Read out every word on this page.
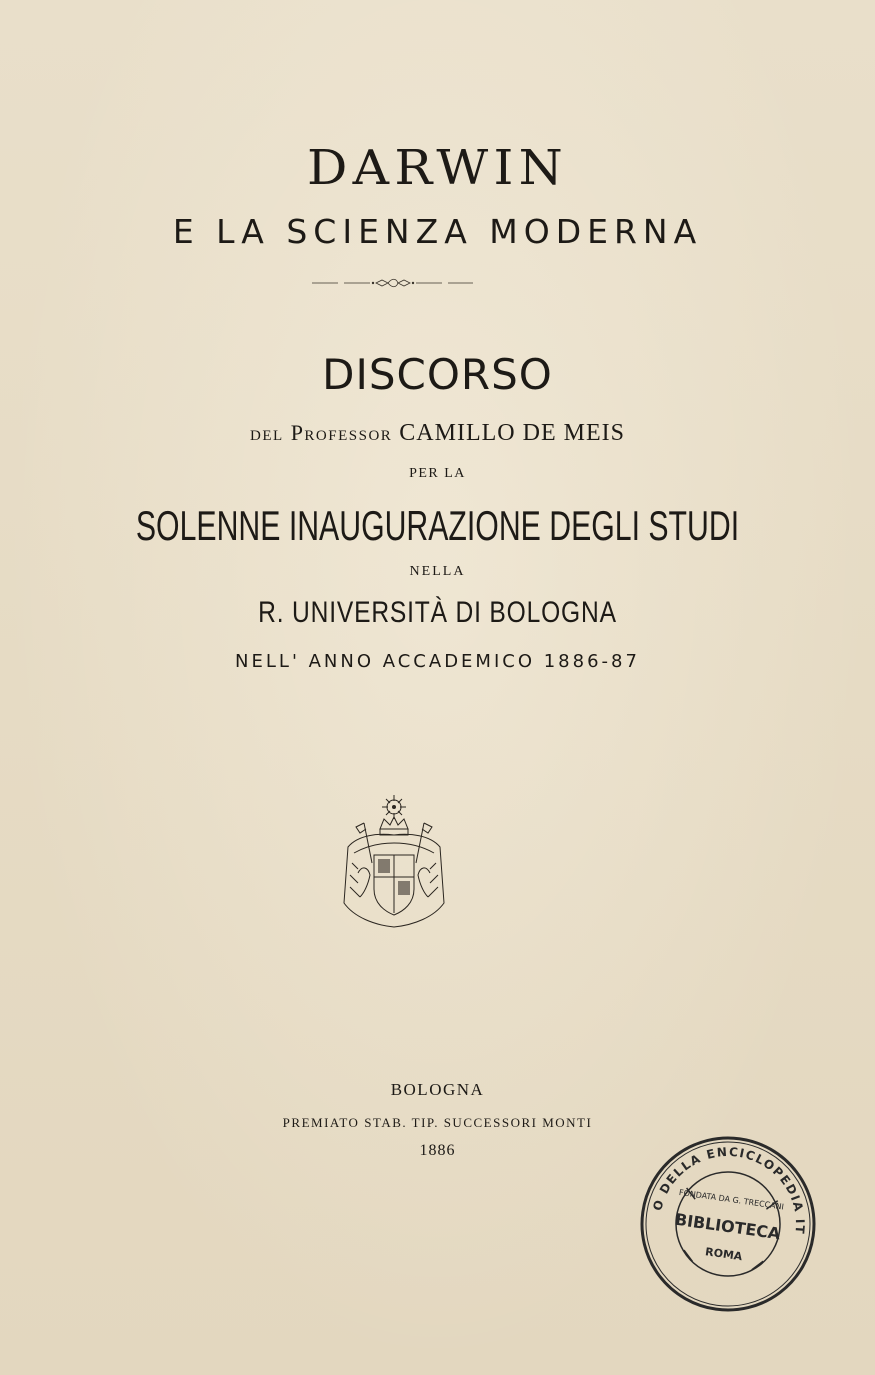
DARWIN
E LA SCIENZA MODERNA
DISCORSO
del Professor CAMILLO DE MEIS
PER LA
SOLENNE INAUGURAZIONE DEGLI STUDI
NELLA
R. UNIVERSITÀ DI BOLOGNA
NELL' ANNO ACCADEMICO 1886-87
BOLOGNA
PREMIATO STAB. TIP. SUCCESSORI MONTI
1886
ISTITUTO DELLA ENCICLOPEDIA ITALIANA
FONDATA DA G. TRECCANI
BIBLIOTECA
ROMA
